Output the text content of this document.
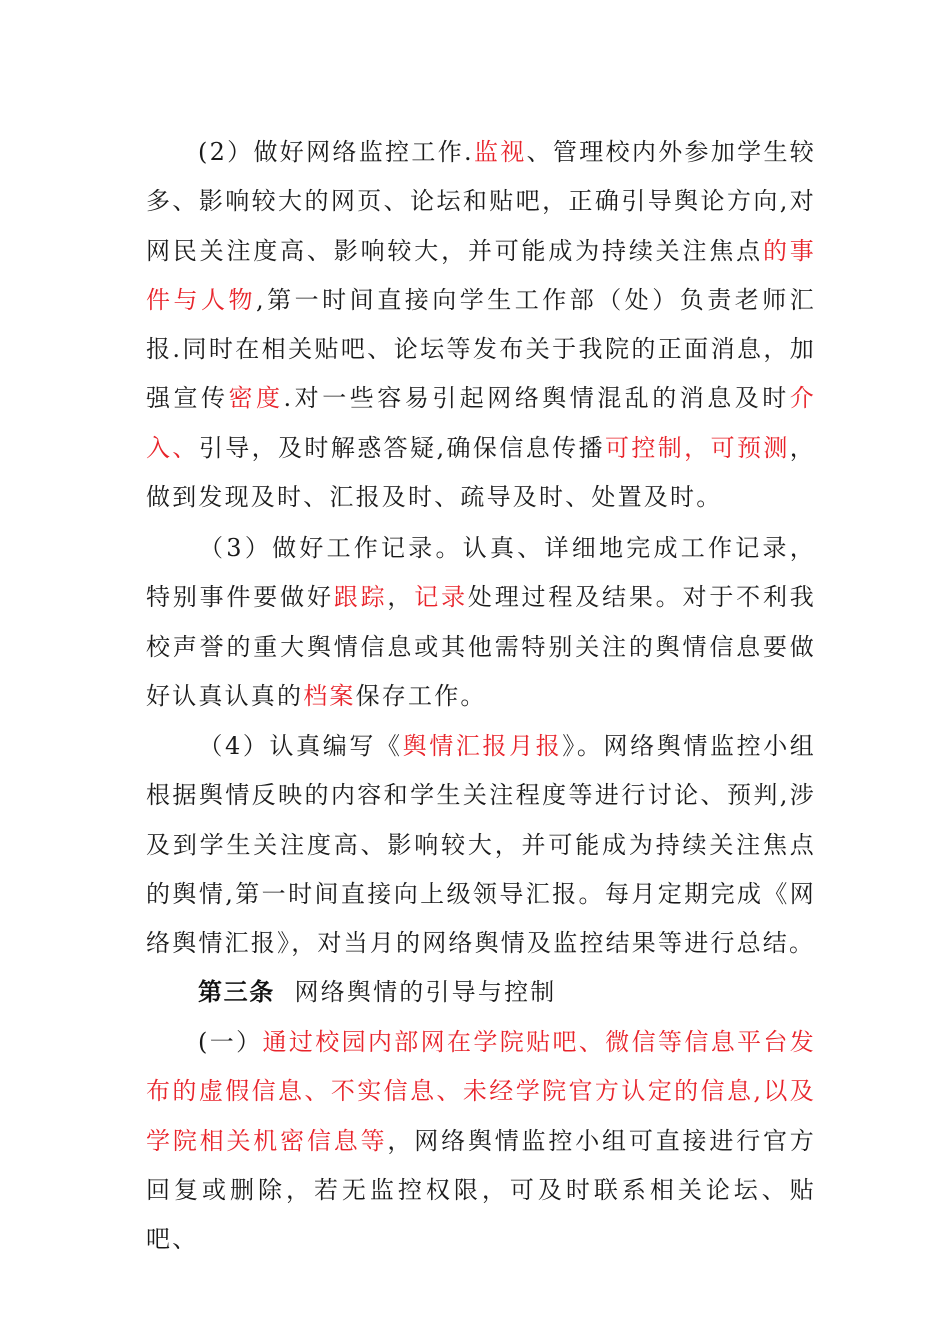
(2）做好网络监控工作.监视、管理校内外参加学生较多、影响较大的网页、论坛和贴吧，正确引导舆论方向,对网民关注度高、影响较大，并可能成为持续关注焦点的事件与人物,第一时间直接向学生工作部（处）负责老师汇报.同时在相关贴吧、论坛等发布关于我院的正面消息，加强宣传密度.对一些容易引起网络舆情混乱的消息及时介入、引导，及时解惑答疑,确保信息传播可控制，可预测，做到发现及时、汇报及时、疏导及时、处置及时。

（3）做好工作记录。认真、详细地完成工作记录，特别事件要做好跟踪，记录处理过程及结果。对于不利我校声誉的重大舆情信息或其他需特别关注的舆情信息要做好认真认真的档案保存工作。

（4）认真编写《舆情汇报月报》。网络舆情监控小组根据舆情反映的内容和学生关注程度等进行讨论、预判,涉及到学生关注度高、影响较大，并可能成为持续关注焦点的舆情,第一时间直接向上级领导汇报。每月定期完成《网络舆情汇报》，对当月的网络舆情及监控结果等进行总结。

第三条 网络舆情的引导与控制

(一）通过校园内部网在学院贴吧、微信等信息平台发布的虚假信息、不实信息、未经学院官方认定的信息,以及学院相关机密信息等，网络舆情监控小组可直接进行官方回复或删除，若无监控权限，可及时联系相关论坛、贴吧、
